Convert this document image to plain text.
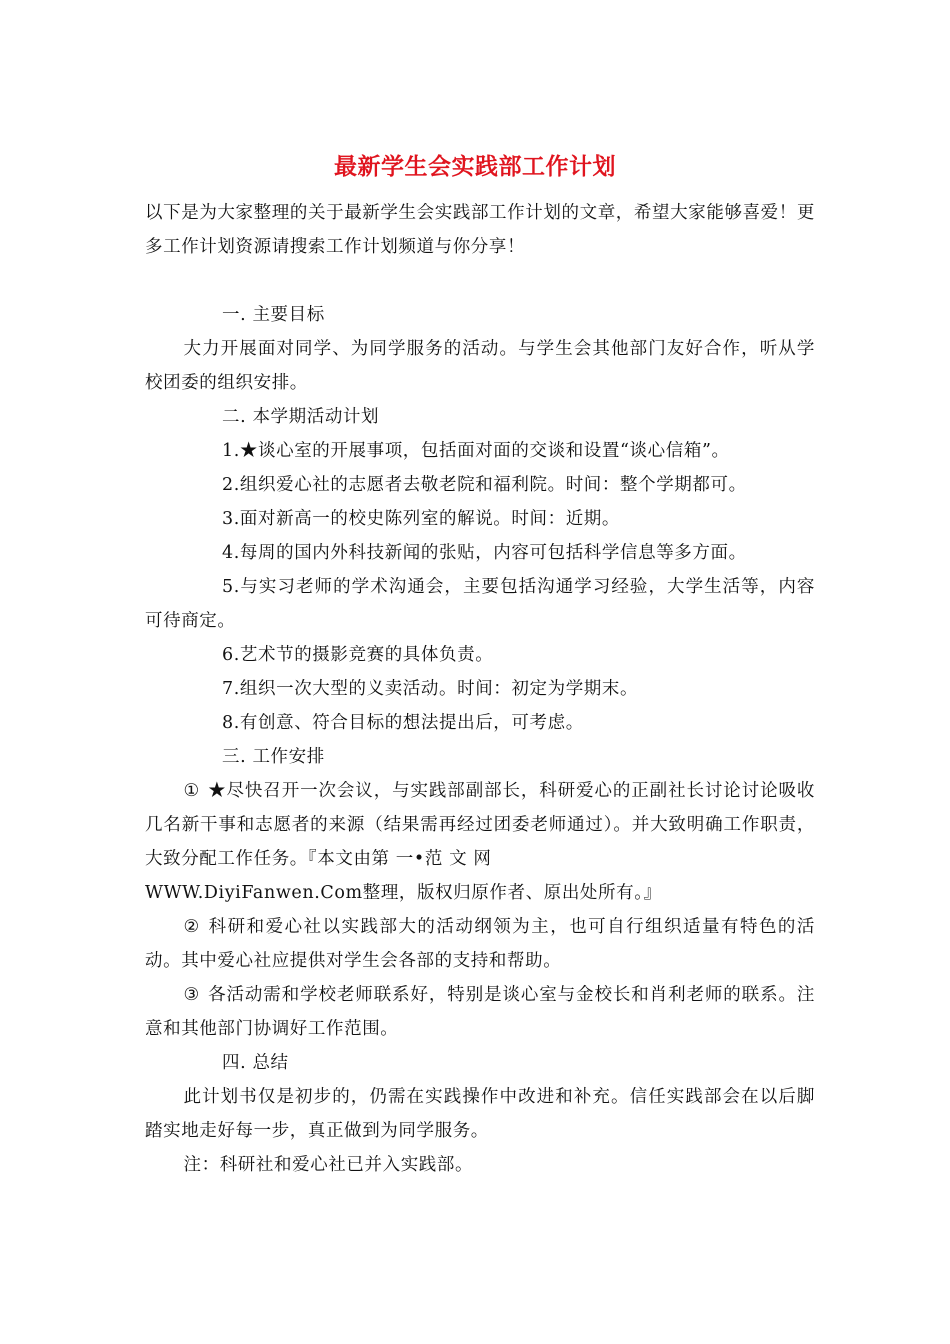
最新学生会实践部工作计划
以下是为大家整理的关于最新学生会实践部工作计划的文章，希望大家能够喜爱！更多工作计划资源请搜索工作计划频道与你分享！

一. 主要目标

大力开展面对同学、为同学服务的活动。与学生会其他部门友好合作，听从学校团委的组织安排。

二. 本学期活动计划

1.★谈心室的开展事项，包括面对面的交谈和设置“谈心信箱”。

2.组织爱心社的志愿者去敬老院和福利院。时间：整个学期都可。

3.面对新高一的校史陈列室的解说。时间：近期。

4.每周的国内外科技新闻的张贴，内容可包括科学信息等多方面。

5.与实习老师的学术沟通会，主要包括沟通学习经验，大学生活等，内容可待商定。

6.艺术节的摄影竞赛的具体负责。

7.组织一次大型的义卖活动。时间：初定为学期末。

8.有创意、符合目标的想法提出后，可考虑。

三. 工作安排

① ★尽快召开一次会议，与实践部副部长，科研爱心的正副社长讨论讨论吸收几名新干事和志愿者的来源（结果需再经过团委老师通过）。并大致明确工作职责，大致分配工作任务。『本文由第 一•范 文 网

WWW.DiyiFanwen.Com整理，版权归原作者、原出处所有。』

② 科研和爱心社以实践部大的活动纲领为主，也可自行组织适量有特色的活动。其中爱心社应提供对学生会各部的支持和帮助。

③ 各活动需和学校老师联系好，特别是谈心室与金校长和肖利老师的联系。注意和其他部门协调好工作范围。

四. 总结

此计划书仅是初步的，仍需在实践操作中改进和补充。信任实践部会在以后脚踏实地走好每一步，真正做到为同学服务。

注：科研社和爱心社已并入实践部。
